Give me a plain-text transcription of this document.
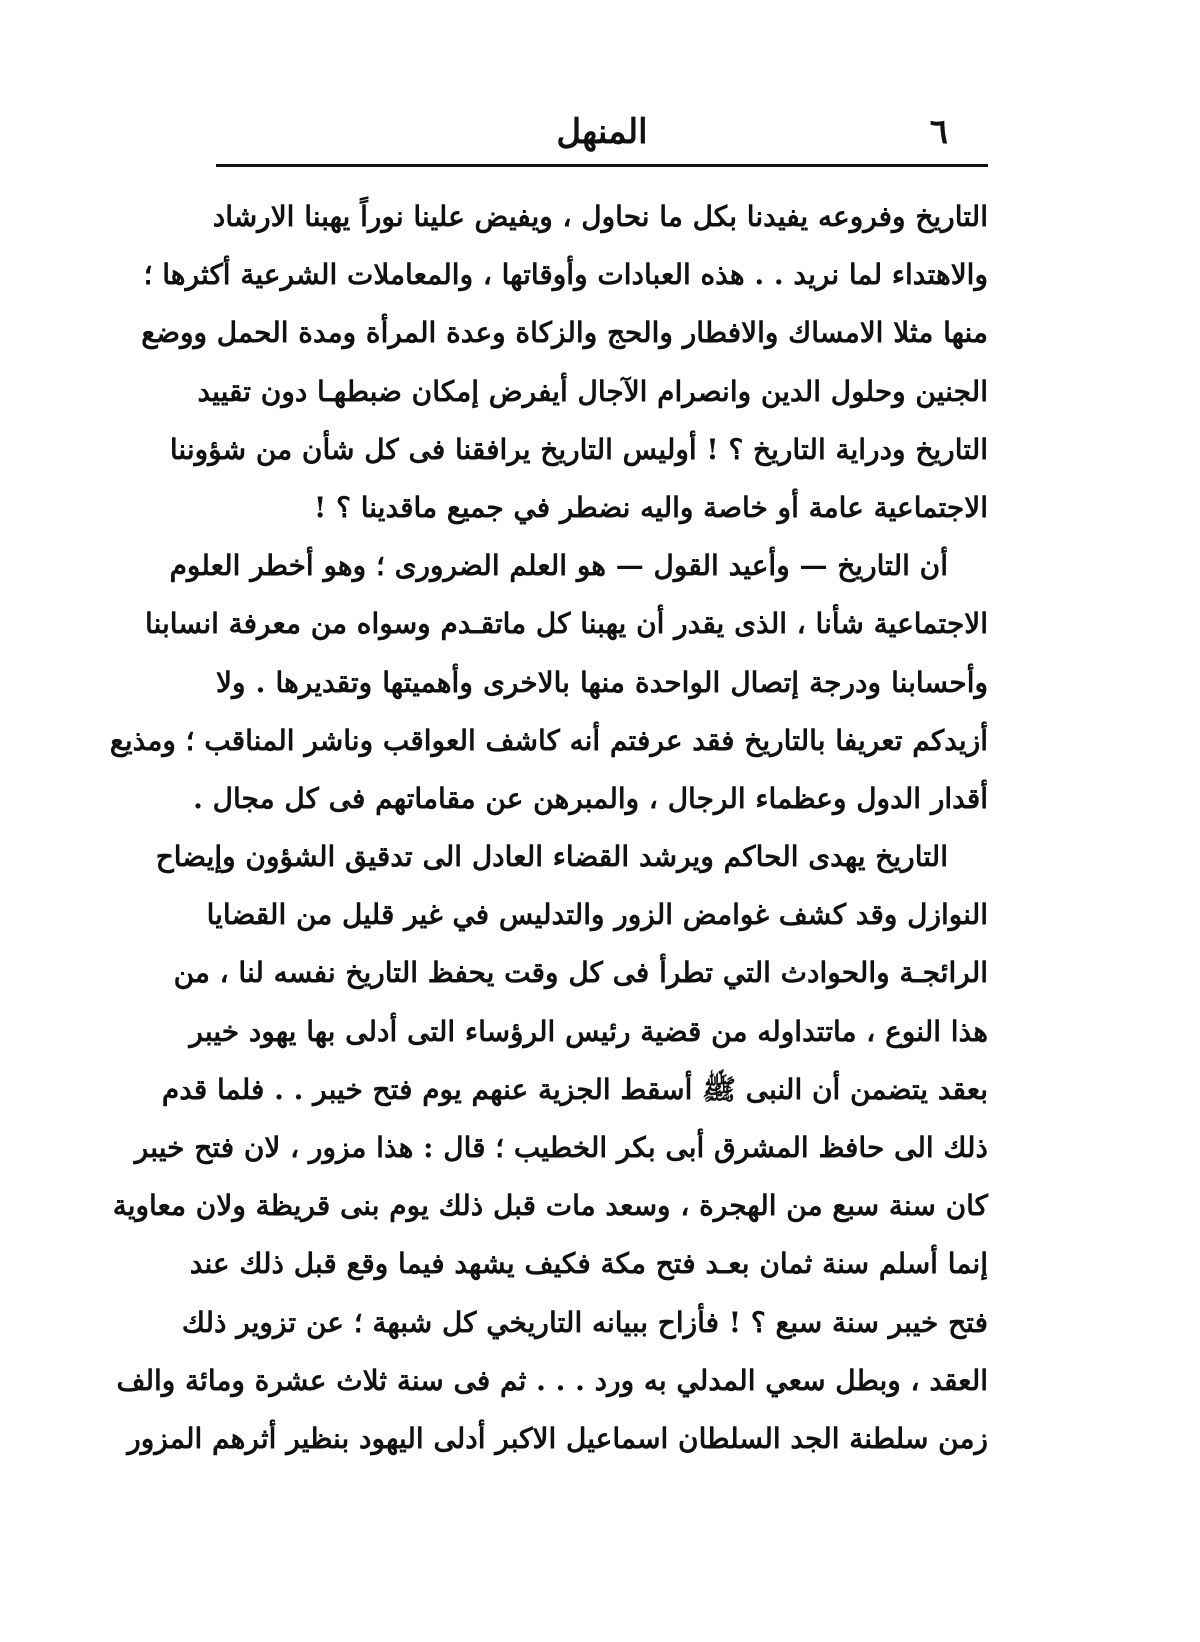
٦
المنهل
التاريخ وفروعه يفيدنا بكل ما نحاول ، ويفيض علينا نوراً يهبنا الارشاد
والاهتداء لما نريد . . هذه العبادات وأوقاتها ، والمعاملات الشرعية أكثرها ؛
منها مثلا الامساك والافطار والحج والزكاة وعدة المرأة ومدة الحمل ووضع
الجنين وحلول الدين وانصرام الآجال أيفرض إمكان ضبطهـا دون تقييد
التاريخ ودراية التاريخ ؟ ! أوليس التاريخ يرافقنا فى كل شأن من شؤوننا
الاجتماعية عامة أو خاصة واليه نضطر في جميع ماقدينا ؟ !
أن التاريخ — وأعيد القول — هو العلم الضرورى ؛ وهو أخطر العلوم
الاجتماعية شأنا ، الذى يقدر أن يهبنا كل ماتقـدم وسواه من معرفة انسابنا
وأحسابنا ودرجة إتصال الواحدة منها بالاخرى وأهميتها وتقديرها . ولا
أزيدكم تعريفا بالتاريخ فقد عرفتم أنه كاشف العواقب وناشر المناقب ؛ ومذيع
أقدار الدول وعظماء الرجال ، والمبرهن عن مقاماتهم فى كل مجال .
التاريخ يهدى الحاكم ويرشد القضاء العادل الى تدقيق الشؤون وإيضاح
النوازل وقد كشف غوامض الزور والتدليس في غير قليل من القضايا
الرائجـة والحوادث التي تطرأ فى كل وقت يحفظ التاريخ نفسه لنا ، من
هذا النوع ، ماتتداوله من قضية رئيس الرؤساء التى أدلى بها يهود خيبر
بعقد يتضمن أن النبى ﷺ أسقط الجزية عنهم يوم فتح خيبر . . فلما قدم
ذلك الى حافظ المشرق أبى بكر الخطيب ؛ قال : هذا مزور ، لان فتح خيبر
كان سنة سبع من الهجرة ، وسعد مات قبل ذلك يوم بنى قريظة ولان معاوية
إنما أسلم سنة ثمان بعـد فتح مكة فكيف يشهد فيما وقع قبل ذلك عند
فتح خيبر سنة سبع ؟ ! فأزاح ببيانه التاريخي كل شبهة ؛ عن تزوير ذلك
العقد ، وبطل سعي المدلي به ورد . . . ثم فى سنة ثلاث عشرة ومائة والف
زمن سلطنة الجد السلطان اسماعيل الاكبر أدلى اليهود بنظير أثرهم المزور
